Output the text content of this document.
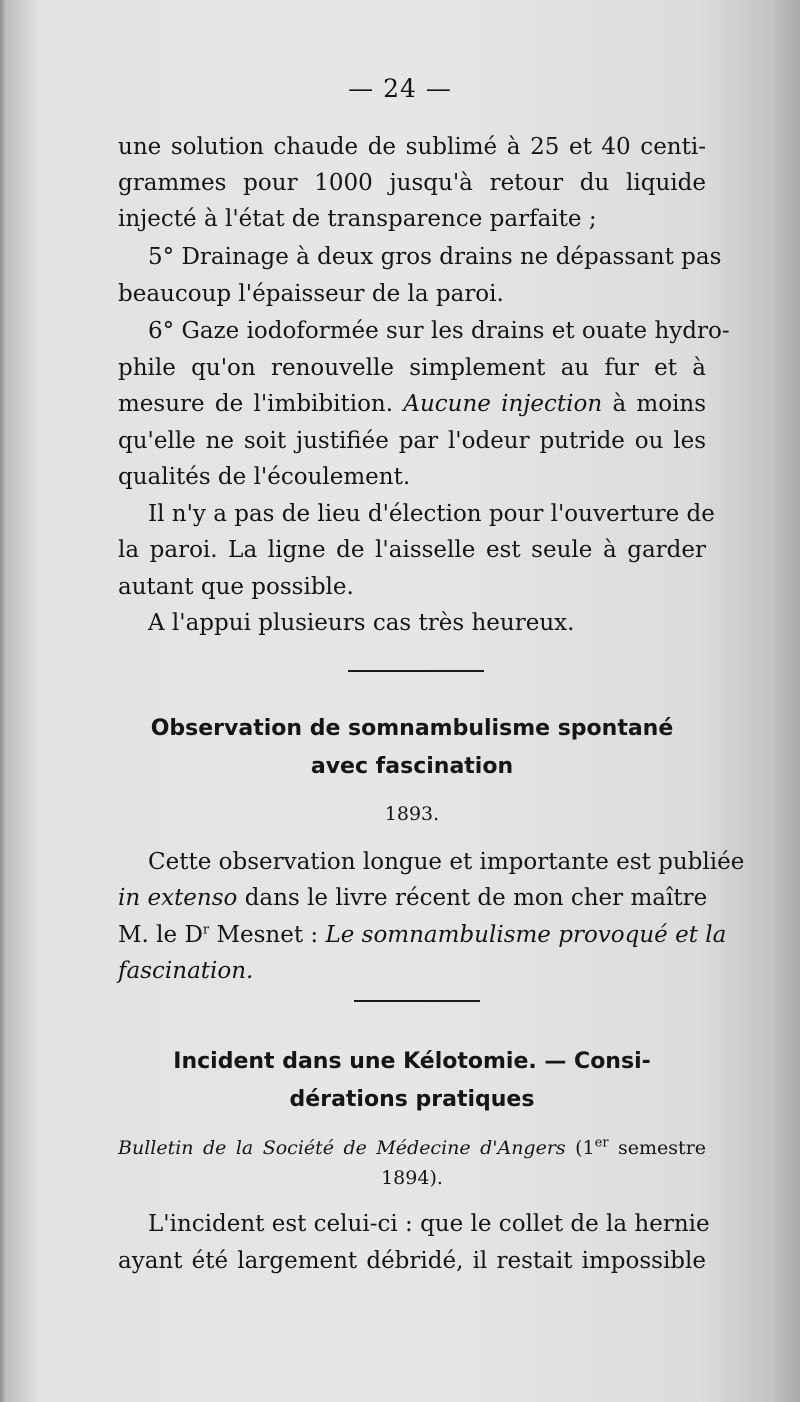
— 24 —
une solution chaude de sublimé à 25 et 40 centi-
grammes pour 1000 jusqu'à retour du liquide
injecté à l'état de transparence parfaite ;
5° Drainage à deux gros drains ne dépassant pas
beaucoup l'épaisseur de la paroi.
6° Gaze iodoformée sur les drains et ouate hydro-
phile qu'on renouvelle simplement au fur et à
mesure de l'imbibition. Aucune injection à moins
qu'elle ne soit justifiée par l'odeur putride ou les
qualités de l'écoulement.
Il n'y a pas de lieu d'élection pour l'ouverture de
la paroi. La ligne de l'aisselle est seule à garder
autant que possible.
A l'appui plusieurs cas très heureux.
Observation de somnambulisme spontané
avec fascination
1893.
Cette observation longue et importante est publiée
in extenso dans le livre récent de mon cher maître
M. le $D^r$ Mesnet : Le somnambulisme provoqué et la
fascination.
Incident dans une Kélotomie. — Consi-
dérations pratiques
Bulletin de la Société de Médecine d'Angers (1er semestre
1894).
L'incident est celui-ci : que le collet de la hernie
ayant été largement débridé, il restait impossible
